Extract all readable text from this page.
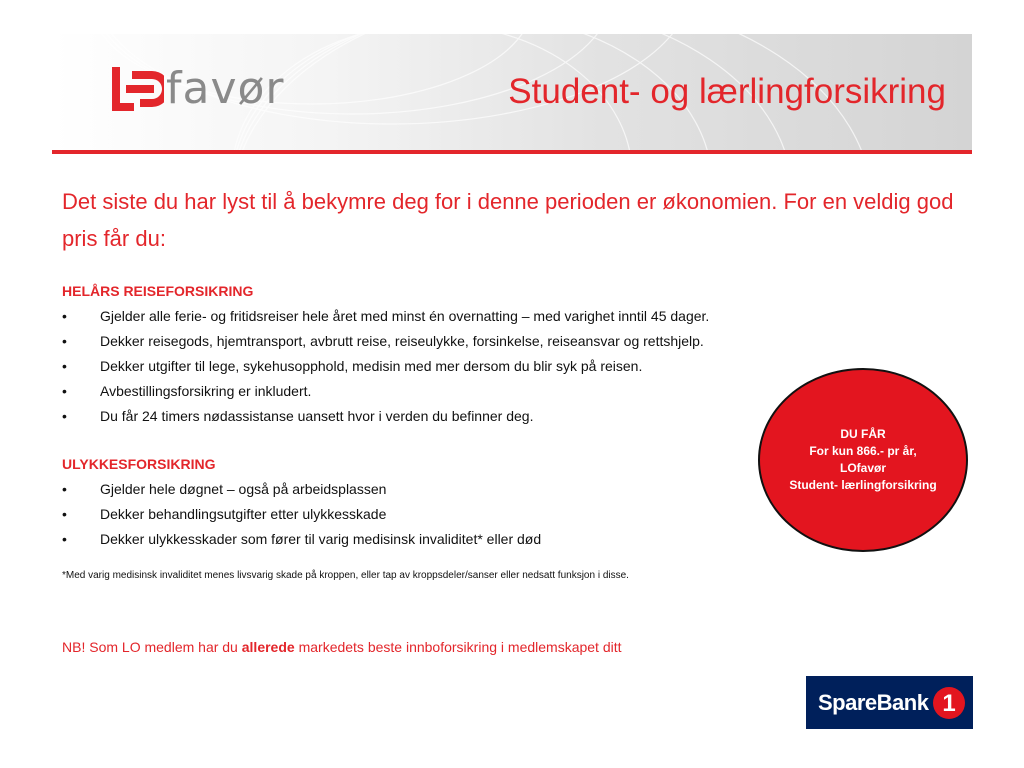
favør	Student- og lærlingforsikring
Det siste du har lyst til å bekymre deg for i denne perioden er økonomien. For en veldig god pris får du:
HELÅRS REISEFORSIKRING
• Gjelder alle ferie- og fritidsreiser hele året med minst én overnatting – med varighet inntil 45 dager.
• Dekker reisegods, hjemtransport, avbrutt reise, reiseulykke, forsinkelse, reiseansvar og rettshjelp.
• Dekker utgifter til lege, sykehusopphold, medisin med mer dersom du blir syk på reisen.
• Avbestillingsforsikring er inkludert.
• Du får 24 timers nødassistanse uansett hvor i verden du befinner deg.
ULYKKESFORSIKRING
• Gjelder hele døgnet – også på arbeidsplassen
• Dekker behandlingsutgifter etter ulykkesskade
• Dekker ulykkesskader som fører til varig medisinsk invaliditet* eller død
*Med varig medisinsk invaliditet menes livsvarig skade på kroppen, eller tap av kroppsdeler/sanser eller nedsatt funksjon i disse.
NB! Som LO medlem har du allerede markedets beste innboforsikring i medlemskapet ditt
DU FÅR
For kun 866.- pr år,
LOfavør
Student- lærlingforsikring
SpareBank 1
